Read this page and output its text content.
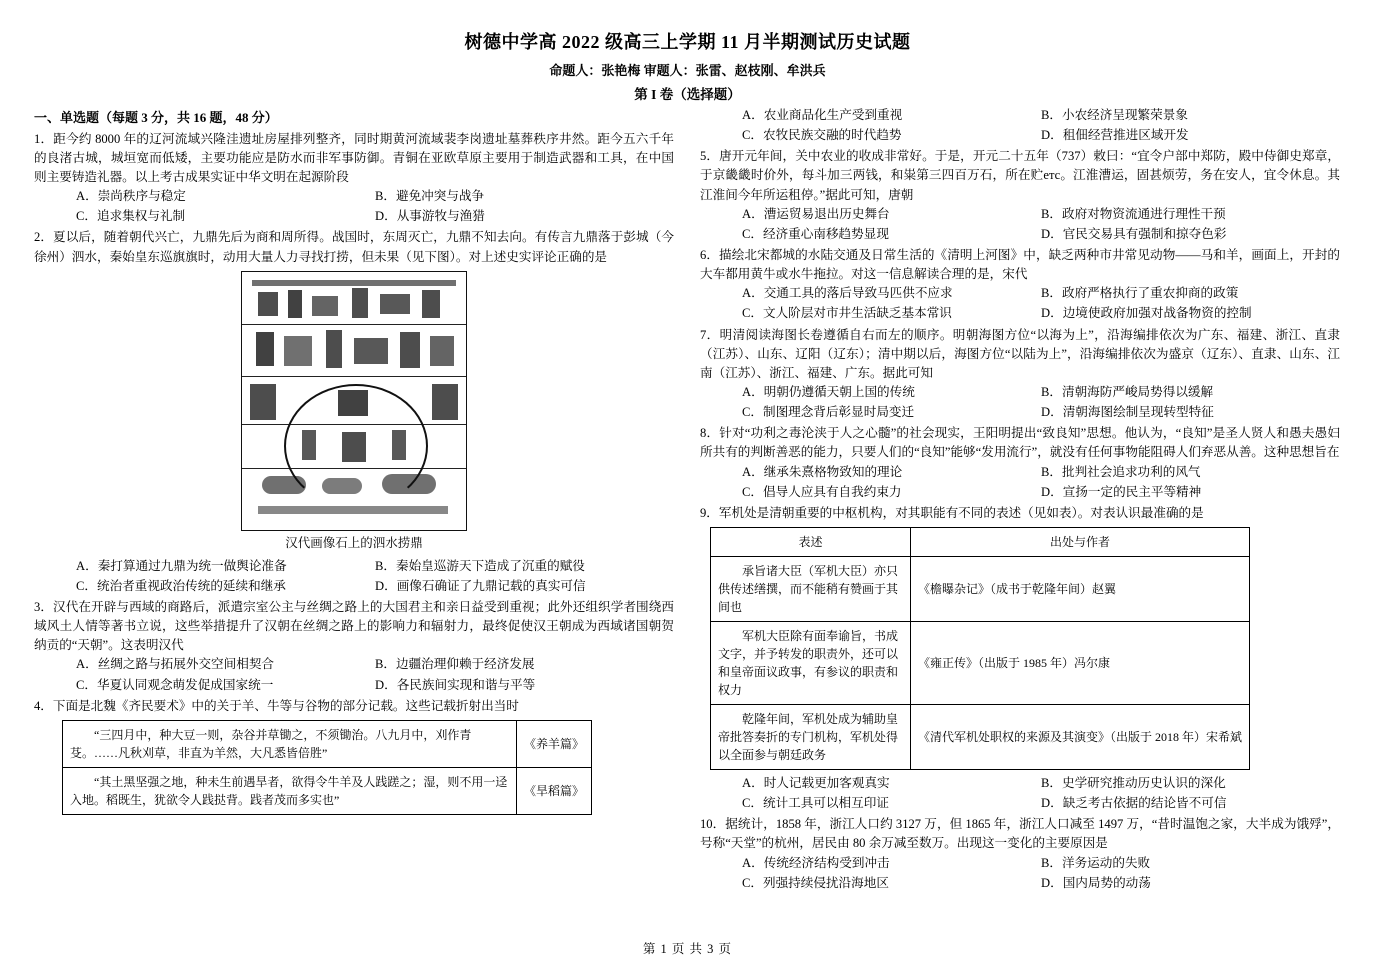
树德中学高 2022 级高三上学期 11 月半期测试历史试题
命题人：张艳梅 审题人：张雷、赵枝刚、牟洪兵
第 I 卷（选择题）
一、单选题（每题 3 分，共 16 题，48 分）
1．距今约 8000 年的辽河流域兴隆洼遗址房屋排列整齐，同时期黄河流域裴李岗遗址墓葬秩序井然。距今五六千年的良渚古城，城垣宽而低矮，主要功能应是防水而非军事防御。青铜在亚欧草原主要用于制造武器和工具，在中国则主要铸造礼器。以上考古成果实证中华文明在起源阶段
A．崇尚秩序与稳定	B．避免冲突与战争
C．追求集权与礼制	D．从事游牧与渔猎
2．夏以后，随着朝代兴亡，九鼎先后为商和周所得。战国时，东周灭亡，九鼎不知去向。有传言九鼎落于彭城（今徐州）泗水，秦始皇东巡旗旗时，动用大量人力寻找打捞，但未果（见下图）。对上述史实评论正确的是
汉代画像石上的泗水捞鼎
A．秦打算通过九鼎为统一做舆论准备	B．秦始皇巡游天下造成了沉重的赋役
C．统治者重视政治传统的延续和继承	D．画像石确证了九鼎记载的真实可信
3．汉代在开辟与西域的商路后，派遣宗室公主与丝绸之路上的大国君主和亲日益受到重视；此外还组织学者围绕西域风土人情等著书立说，这些举措提升了汉朝在丝绸之路上的影响力和辐射力，最终促使汉王朝成为西域诸国朝贺纳贡的“天朝”。这表明汉代
A．丝绸之路与拓展外交空间相契合	B．边疆治理仰赖于经济发展
C．华夏认同观念萌发促成国家统一	D．各民族间实现和谐与平等
4．下面是北魏《齐民要术》中的关于羊、牛等与谷物的部分记载。这些记载折射出当时
“三四月中，种大豆一则，杂谷并草锄之，不须锄治。八九月中，刈作青芟。……凡秋刈草，非直为羊然，大凡悉皆倍胜”	《养羊篇》
“其土黑坚强之地，种未生前遇旱者，欲得令牛羊及人践蹉之；湿，则不用一迳入地。稻既生，犹欲令人践挞背。践者茂而多实也”	《旱稻篇》
A．农业商品化生产受到重视	B．小农经济呈现繁荣景象
C．农牧民族交融的时代趋势	D．租佃经营推进区域开发
5．唐开元年间，关中农业的收成非常好。于是，开元二十五年（737）敕曰：“宜令户部中郑防，殿中侍御史郑章，于京畿畿时价外，每斗加三两钱，和粜第三四百万石，所在贮етс。江淮漕运，固甚烦劳，务在安人，宜令休息。其江淮间今年所运租停。”据此可知，唐朝
A．漕运贸易退出历史舞台	B．政府对物资流通进行理性干预
C．经济重心南移趋势显现	D．官民交易具有强制和掠夺色彩
6．描绘北宋都城的水陆交通及日常生活的《清明上河图》中，缺乏两种市井常见动物——马和羊，画面上，开封的大车都用黄牛或水牛拖拉。对这一信息解读合理的是，宋代
A．交通工具的落后导致马匹供不应求	B．政府严格执行了重农抑商的政策
C．文人阶层对市井生活缺乏基本常识	D．边境使政府加强对战备物资的控制
7．明清阅读海图长卷遵循自右而左的顺序。明朝海图方位“以海为上”，沿海编排依次为广东、福建、浙江、直隶（江苏）、山东、辽阳（辽东）；清中期以后，海图方位“以陆为上”，沿海编排依次为盛京（辽东）、直隶、山东、江南（江苏）、浙江、福建、广东。据此可知
A．明朝仍遵循天朝上国的传统	B．清朝海防严峻局势得以缓解
C．制图理念背后彰显时局变迁	D．清朝海图绘制呈现转型特征
8．针对“功利之毒沦浃于人之心髓”的社会现实，王阳明提出“致良知”思想。他认为，“良知”是圣人贤人和愚夫愚妇所共有的判断善恶的能力，只要人们的“良知”能够“发用流行”，就没有任何事物能阻碍人们弃恶从善。这种思想旨在
A．继承朱熹格物致知的理论	B．批判社会追求功利的风气
C．倡导人应具有自我约束力	D．宣扬一定的民主平等精神
9．军机处是清朝重要的中枢机构，对其职能有不同的表述（见如表）。对表认识最准确的是
表述	出处与作者
承旨诸大臣（军机大臣）亦只供传述缮撰，而不能稍有赞画于其间也	《檐曝杂记》（成书于乾隆年间）赵翼
军机大臣除有面奉谕旨，书成文字，并予转发的职责外，还可以和皇帝面议政事，有参议的职责和权力	《雍正传》（出版于 1985 年）冯尔康
乾隆年间，军机处成为辅助皇帝批答奏折的专门机构，军机处得以全面参与朝廷政务	《清代军机处职权的来源及其演变》（出版于 2018 年）宋希斌
A．时人记载更加客观真实	B．史学研究推动历史认识的深化
C．统计工具可以相互印证	D．缺乏考古依据的结论皆不可信
10．据统计，1858 年，浙江人口约 3127 万，但 1865 年，浙江人口减至 1497 万，“昔时温饱之家，大半成为饿殍”，号称“天堂”的杭州，居民由 80 余万减至数万。出现这一变化的主要原因是
A．传统经济结构受到冲击	B．洋务运动的失败
C．列强持续侵扰沿海地区	D．国内局势的动荡
第 1 页 共 3 页
